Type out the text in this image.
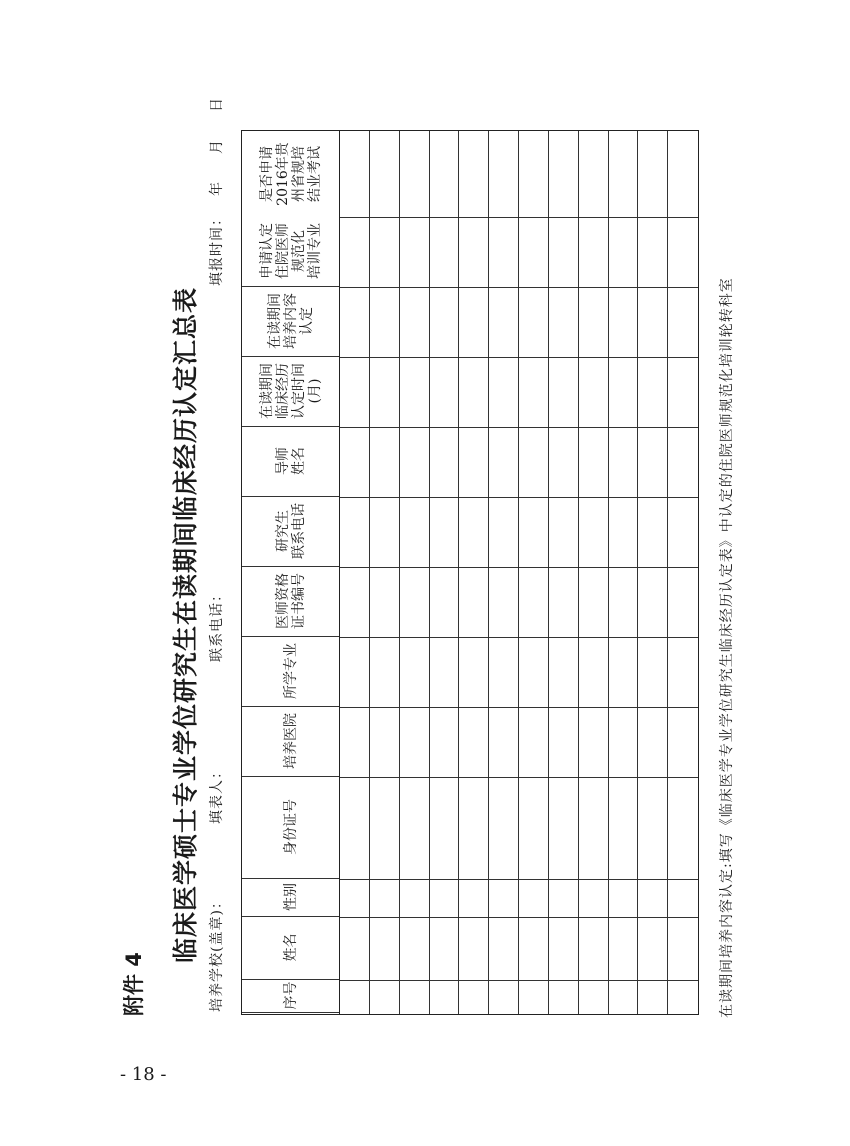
- 18 -
附件 4
临床医学硕士专业学位研究生在读期间临床经历认定汇总表 培养学校(盖章)：
填表人：
联系电话：
填报时间：
年月日
序号
姓名
性别
身份证号
培养医院
所学专业
医师资格
证书编号
研究生
联系电话
导师
姓名
在读期间
临床经历
认定时间
(月)
在读期间
培养内容
认定
申请认定
住院医师
规范化
培训专业
是否申请
2016年贵
州省规培
结业考试
在读期间培养内容认定:填写《临床医学专业学位研究生临床经历认定表》中认定的住院医师规范化培训轮转科室
